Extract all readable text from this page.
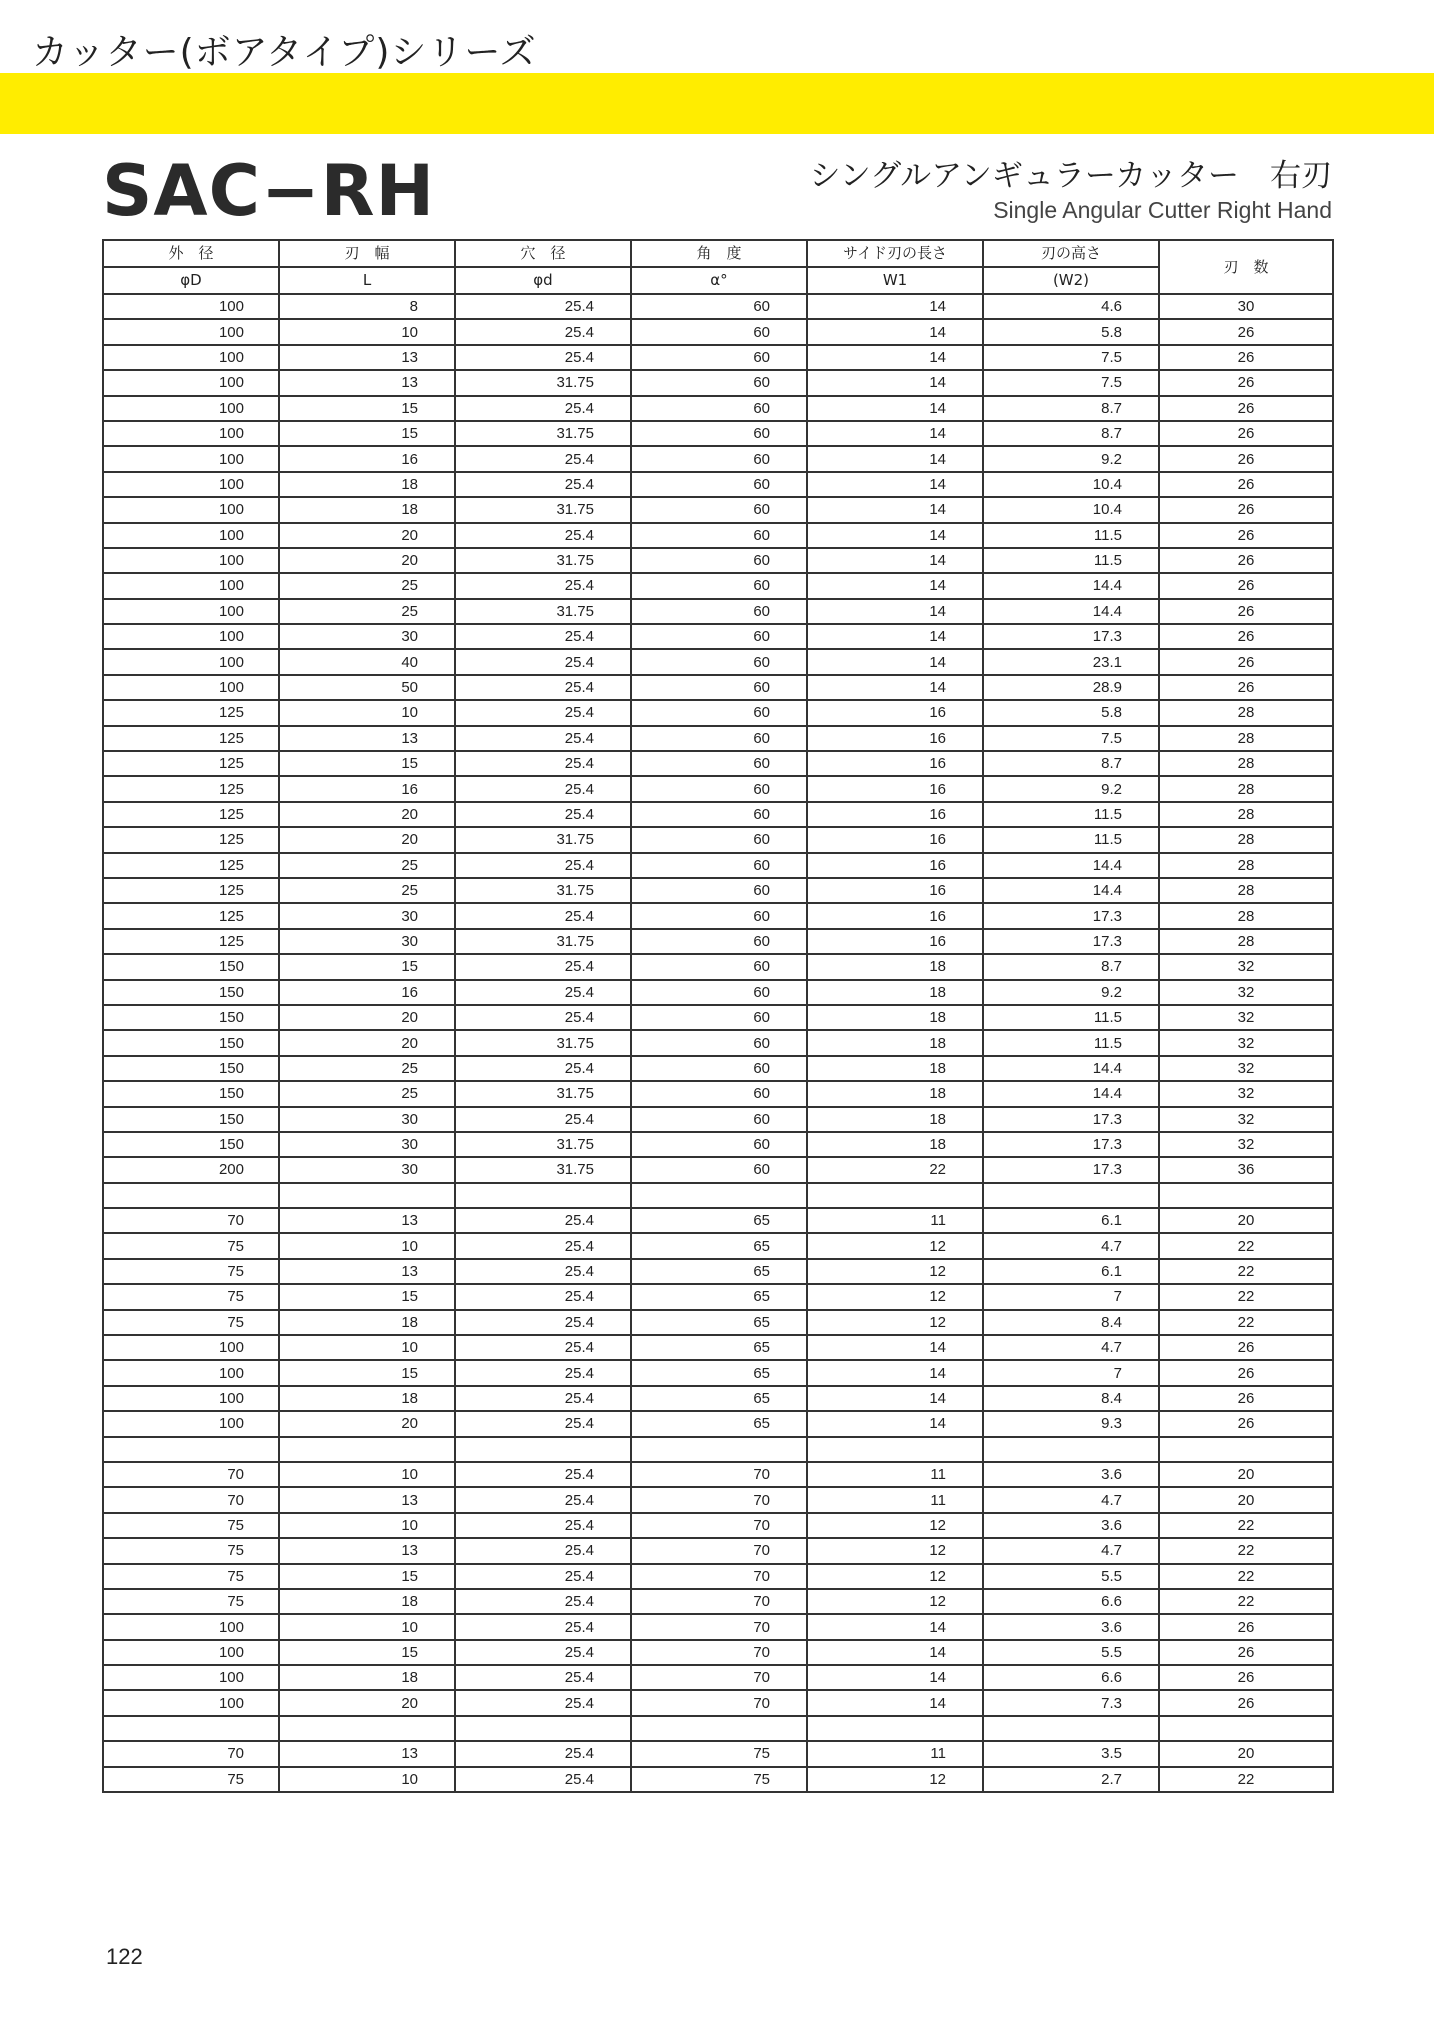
カッター(ボアタイプ)シリーズ
SAC−RH	シングルアンギュラーカッター　右刃
Single Angular Cutter Right Hand
外　径	刃　幅	穴　径	角　度	サイド刃の長さ	刃の高さ	刃　数
φD	L	φd	α°	W1	(W2)	
100	8	25.4	60	14	4.6	30
100	10	25.4	60	14	5.8	26
100	13	25.4	60	14	7.5	26
100	13	31.75	60	14	7.5	26
100	15	25.4	60	14	8.7	26
100	15	31.75	60	14	8.7	26
100	16	25.4	60	14	9.2	26
100	18	25.4	60	14	10.4	26
100	18	31.75	60	14	10.4	26
100	20	25.4	60	14	11.5	26
100	20	31.75	60	14	11.5	26
100	25	25.4	60	14	14.4	26
100	25	31.75	60	14	14.4	26
100	30	25.4	60	14	17.3	26
100	40	25.4	60	14	23.1	26
100	50	25.4	60	14	28.9	26
125	10	25.4	60	16	5.8	28
125	13	25.4	60	16	7.5	28
125	15	25.4	60	16	8.7	28
125	16	25.4	60	16	9.2	28
125	20	25.4	60	16	11.5	28
125	20	31.75	60	16	11.5	28
125	25	25.4	60	16	14.4	28
125	25	31.75	60	16	14.4	28
125	30	25.4	60	16	17.3	28
125	30	31.75	60	16	17.3	28
150	15	25.4	60	18	8.7	32
150	16	25.4	60	18	9.2	32
150	20	25.4	60	18	11.5	32
150	20	31.75	60	18	11.5	32
150	25	25.4	60	18	14.4	32
150	25	31.75	60	18	14.4	32
150	30	25.4	60	18	17.3	32
150	30	31.75	60	18	17.3	32
200	30	31.75	60	22	17.3	36

70	13	25.4	65	11	6.1	20
75	10	25.4	65	12	4.7	22
75	13	25.4	65	12	6.1	22
75	15	25.4	65	12	7	22
75	18	25.4	65	12	8.4	22
100	10	25.4	65	14	4.7	26
100	15	25.4	65	14	7	26
100	18	25.4	65	14	8.4	26
100	20	25.4	65	14	9.3	26

70	10	25.4	70	11	3.6	20
70	13	25.4	70	11	4.7	20
75	10	25.4	70	12	3.6	22
75	13	25.4	70	12	4.7	22
75	15	25.4	70	12	5.5	22
75	18	25.4	70	12	6.6	22
100	10	25.4	70	14	3.6	26
100	15	25.4	70	14	5.5	26
100	18	25.4	70	14	6.6	26
100	20	25.4	70	14	7.3	26

70	13	25.4	75	11	3.5	20
75	10	25.4	75	12	2.7	22
122
